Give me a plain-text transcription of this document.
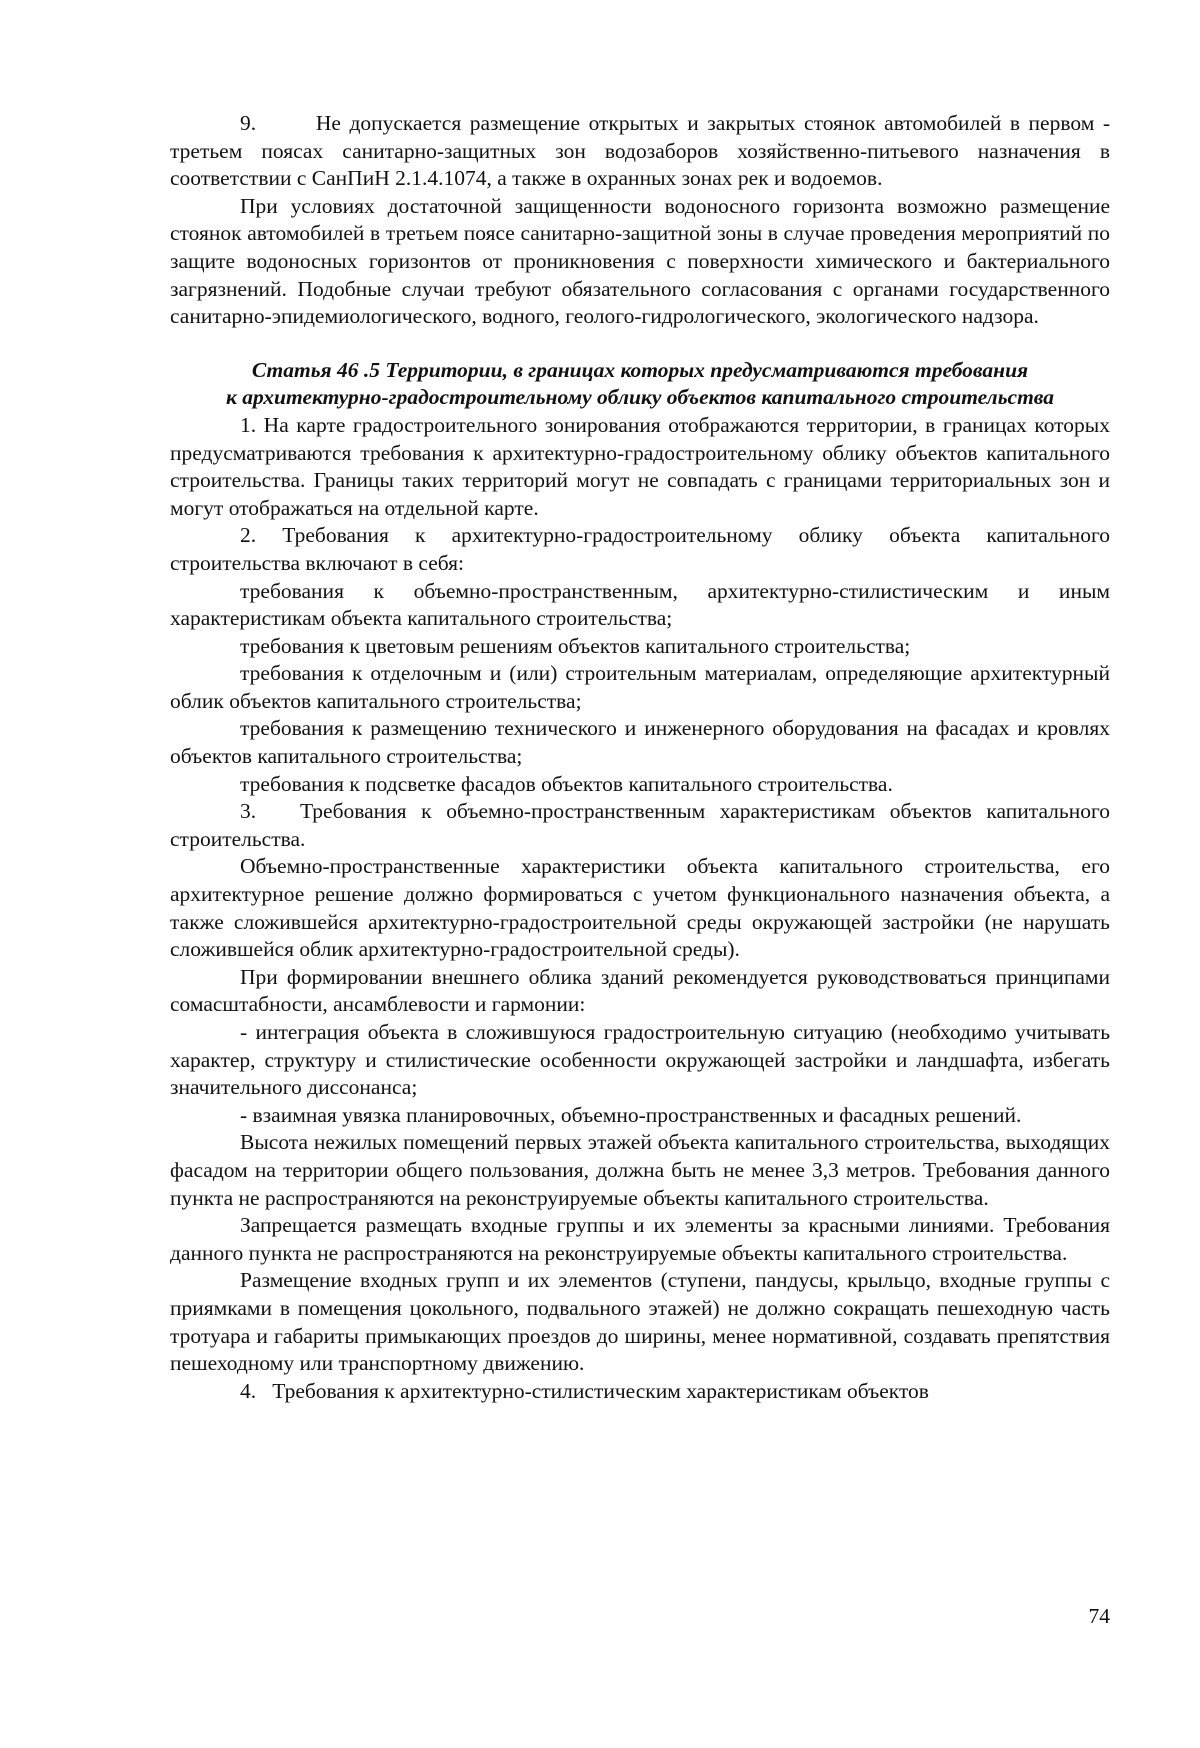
9.       Не допускается размещение открытых и закрытых стоянок автомобилей в первом - третьем поясах санитарно-защитных зон водозаборов хозяйственно-питьевого назначения в соответствии с СанПиН 2.1.4.1074, а также в охранных зонах рек и водоемов.

При условиях достаточной защищенности водоносного горизонта возможно размещение стоянок автомобилей в третьем поясе санитарно-защитной зоны в случае проведения мероприятий по защите водоносных горизонтов от проникновения с поверхности химического и бактериального загрязнений. Подобные случаи требуют обязательного согласования с органами государственного санитарно-эпидемиологического, водного, геолого-гидрологического, экологического надзора.

Статья 46 .5 Территории, в границах которых предусматриваются требования
к архитектурно-градостроительному облику объектов капитального строительства

1. На карте градостроительного зонирования отображаются территории, в границах которых предусматриваются требования к архитектурно-градостроительному облику объектов капитального строительства. Границы таких территорий могут не совпадать с границами территориальных зон и могут отображаться на отдельной карте.

2. Требования к архитектурно-градостроительному облику объекта капитального строительства включают в себя:

требования к объемно-пространственным, архитектурно-стилистическим и иным характеристикам объекта капитального строительства;

требования к цветовым решениям объектов капитального строительства;

требования к отделочным и (или) строительным материалам, определяющие архитектурный облик объектов капитального строительства;

требования к размещению технического и инженерного оборудования на фасадах и кровлях объектов капитального строительства;

требования к подсветке фасадов объектов капитального строительства.

3.   Требования к объемно-пространственным характеристикам объектов капитального строительства.

Объемно-пространственные характеристики объекта капитального строительства, его архитектурное решение должно формироваться с учетом функционального назначения объекта, а также сложившейся архитектурно-градостроительной среды окружающей застройки (не нарушать сложившейся облик архитектурно-градостроительной среды).

При формировании внешнего облика зданий рекомендуется руководствоваться принципами сомасштабности, ансамблевости и гармонии:

- интеграция объекта в сложившуюся градостроительную ситуацию (необходимо учитывать характер, структуру и стилистические особенности окружающей застройки и ландшафта, избегать значительного диссонанса;

- взаимная увязка планировочных, объемно-пространственных и фасадных решений.

Высота нежилых помещений первых этажей объекта капитального строительства, выходящих фасадом на территории общего пользования, должна быть не менее 3,3 метров. Требования данного пункта не распространяются на реконструируемые объекты капитального строительства.

Запрещается размещать входные группы и их элементы за красными линиями. Требования данного пункта не распространяются на реконструируемые объекты капитального строительства.

Размещение входных групп и их элементов (ступени, пандусы, крыльцо, входные группы с приямками в помещения цокольного, подвального этажей) не должно сокращать пешеходную часть тротуара и габариты примыкающих проездов до ширины, менее нормативной, создавать препятствия пешеходному или транспортному движению.

4.   Требования к архитектурно-стилистическим характеристикам объектов

74
